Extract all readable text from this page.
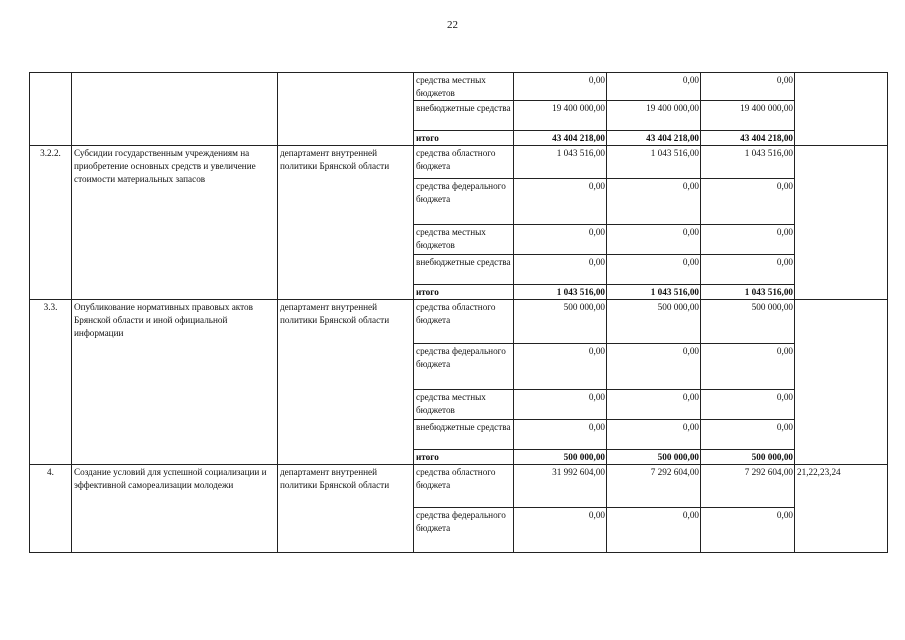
22
			средства местных бюджетов	0,00	0,00	0,00	
			внебюджетные средства	19 400 000,00	19 400 000,00	19 400 000,00	
			итого	43 404 218,00	43 404 218,00	43 404 218,00	
3.2.2.	Субсидии государственным учреждениям на приобретение основных средств и увеличение стоимости материальных запасов	департамент внутренней политики Брянской области	средства областного бюджета	1 043 516,00	1 043 516,00	1 043 516,00	
			средства федерального бюджета	0,00	0,00	0,00	
			средства местных бюджетов	0,00	0,00	0,00	
			внебюджетные средства	0,00	0,00	0,00	
			итого	1 043 516,00	1 043 516,00	1 043 516,00	
3.3.	Опубликование нормативных правовых актов Брянской области и иной официальной информации	департамент внутренней политики Брянской области	средства областного бюджета	500 000,00	500 000,00	500 000,00	
			средства федерального бюджета	0,00	0,00	0,00	
			средства местных бюджетов	0,00	0,00	0,00	
			внебюджетные средства	0,00	0,00	0,00	
			итого	500 000,00	500 000,00	500 000,00	
4.	Создание условий для успешной социализации и эффективной самореализации молодежи	департамент внутренней политики Брянской области	средства областного бюджета	31 992 604,00	7 292 604,00	7 292 604,00	21,22,23,24
			средства федерального бюджета	0,00	0,00	0,00	
